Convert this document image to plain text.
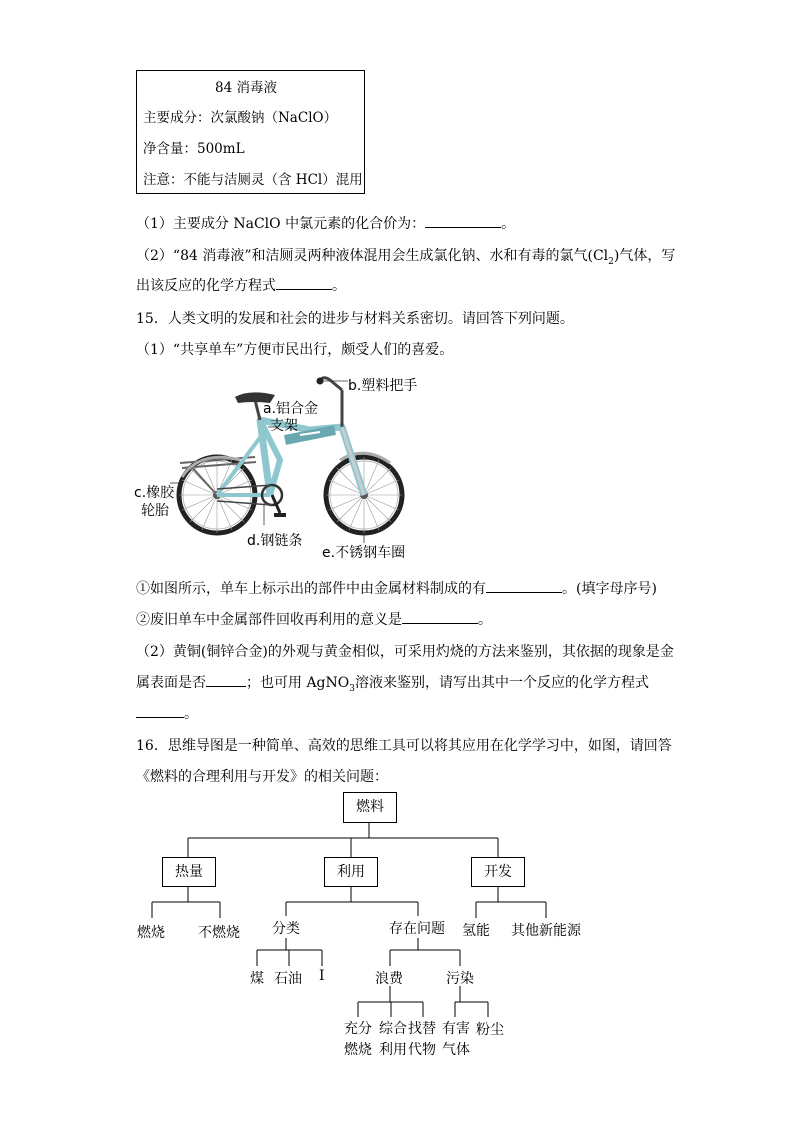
84 消毒液
主要成分：次氯酸钠（NaClO）
净含量：500mL
注意：不能与洁厕灵（含 HCl）混用
（1）主要成分 NaClO 中氯元素的化合价为：	。
（2）“84 消毒液”和洁厕灵两种液体混用会生成氯化钠、水和有毒的氯气$(Cl_2)$气体，写
出该反应的化学方程式	。
15．人类文明的发展和社会的进步与材料关系密切。请回答下列问题。
（1）“共享单车”方便市民出行，颇受人们的喜爱。
b.塑料把手
a.铝合金
支架
c.橡胶
轮胎
d.钢链条
e.不锈钢车圈
①如图所示，单车上标示出的部件中由金属材料制成的有	。(填字母序号)
②废旧单车中金属部件回收再利用的意义是	。
（2）黄铜(铜锌合金)的外观与黄金相似，可采用灼烧的方法来鉴别，其依据的现象是金
属表面是否	；也可用 AgNO$_3$溶液来鉴别，请写出其中一个反应的化学方程式
。
16．思维导图是一种简单、高效的思维工具可以将其应用在化学学习中，如图，请回答
《燃料的合理利用与开发》的相关问题：
燃料
热量	利用	开发
燃烧 不燃烧 分类	存在问题 氢能 其他新能源
煤 石油 I	浪费	污染
充分
燃烧
综合找替
利用代物
有害
气体
粉尘
